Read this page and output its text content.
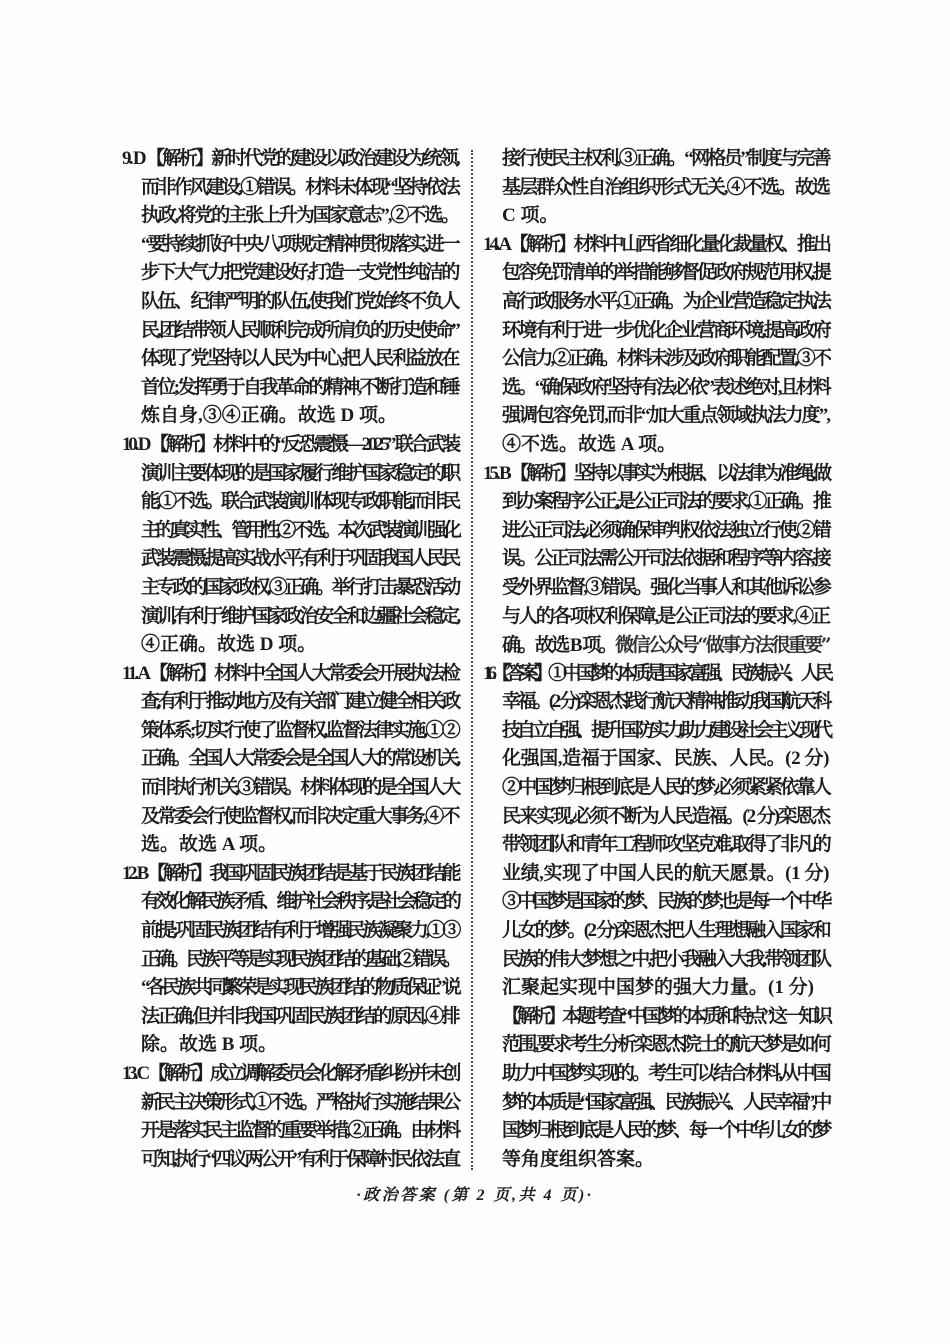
9. D 【解析】新时代党的建设以政治建设为统领,
而非作风建设,①错误。材料未体现“坚持依法
执政,将党的主张上升为国家意志”,②不选。
“要持续抓好中央八项规定精神贯彻落实,进一
步下大气力把党建设好,打造一支党性纯洁的
队伍、纪律严明的队伍,使我们党始终不负人
民,团结带领人民顺利完成所肩负的历史使命”
体现了党坚持以人民为中心,把人民利益放在
首位;发挥勇于自我革命的精神,不断打造和锤
炼自身,③④正确。故选 D 项。
10. D 【解析】材料中的“反恐震慑—2025” 联合武装
演训主要体现的是国家履行维护国家稳定的职
能,①不选。联合武装演训体现专政职能,而非民
主的真实性、管用性,②不选。本次武装演训强化
武装震慑,提高实战水平,有利于巩固我国人民民
主专政的国家政权,③正确。举行打击暴恐活动
演训,有利于维护国家政治安全和边疆社会稳定,
④正确。故选 D 项。
11. A 【解析】材料中全国人大常委会开展执法检
查,有利于推动地方及有关部门建立健全相关政
策体系;切实行使了监督权,监督法律实施,①②
正确。全国人大常委会是全国人大的常设机关,
而非执行机关,③错误。材料体现的是全国人大
及常委会行使监督权,而非决定重大事务,④不
选。故选 A 项。
12. B 【解析】我国巩固民族团结是基于民族团结能
有效化解民族矛盾、维护社会秩序,是社会稳定的
前提;巩固民族团结有利于增强民族凝聚力,①③
正确。民族平等是实现民族团结的基础,②错误。
“各民族共同繁荣是实现民族团结的物质保证”说
法正确,但并非我国巩固民族团结的原因,④排
除。故选 B 项。
13. C 【解析】成立调解委员会化解矛盾纠纷并未创
新民主决策形式,①不选。严格执行实施结果公
开是落实民主监督的重要举措,②正确。由材料
可知,执行“四议两公开”有利于保障村民依法直
接行使民主权利,③正确。“网格员”制度与完善
基层群众性自治组织形式无关,④不选。故选
C 项。
14. A 【解析】材料中山西省细化量化裁量权、推出
包容免罚清单的举措能够督促政府规范用权,提
高行政服务水平,①正确。为企业营造稳定执法
环境有利于进一步优化企业营商环境,提高政府
公信力,②正确。材料未涉及政府职能配置,③不
选。“确保政府坚持有法必依”表述绝对,且材料
强调包容免罚,而非“加大重点领域执法力度”,
④不选。故选 A 项。
15. B 【解析】坚持以事实为根据、以法律为准绳,做
到办案程序公正,是公正司法的要求,①正确。推
进公正司法,必须确保审判权依法独立行使,②错
误。公正司法需公开司法依据和程序等内容,接
受外界监督,③错误。强化当事人和其他诉讼参
与人的各项权利保障,是公正司法的要求,④正
确。故选 B 项。微信公众号“做事方法很重要”
16.【答案】①中国梦的本质是国家富强、民族振兴、人民
幸福。(2 分)栾恩杰践行航天精神,推动我国航天科
技自立自强、提升国防实力,助力建设社会主义现代
化强国,造福于国家、民族、人民。(2 分)
②中国梦归根到底是人民的梦,必须紧紧依靠人
民来实现,必须不断为人民造福。(2 分)栾恩杰
带领团队和青年工程师攻坚克难,取得了非凡的
业绩,实现了中国人民的航天愿景。(1 分)
③中国梦是国家的梦、民族的梦,也是每一个中华
儿女的梦。(2 分)栾恩杰把人生理想融入国家和
民族的伟大梦想之中,把小我融入大我,带领团队
汇聚起实现中国梦的强大力量。(1 分)
【解析】本题考查“中国梦的本质和特点”这一知识
范围,要求考生分析栾恩杰院士的航天梦是如何
助力中国梦实现的。考生可以结合材料,从中国
梦的本质是“国家富强、民族振兴、人民幸福”,中
国梦归根到底是人民的梦、每一个中华儿女的梦
等角度组织答案。
·政治答案 (第 2 页,共 4 页)·
